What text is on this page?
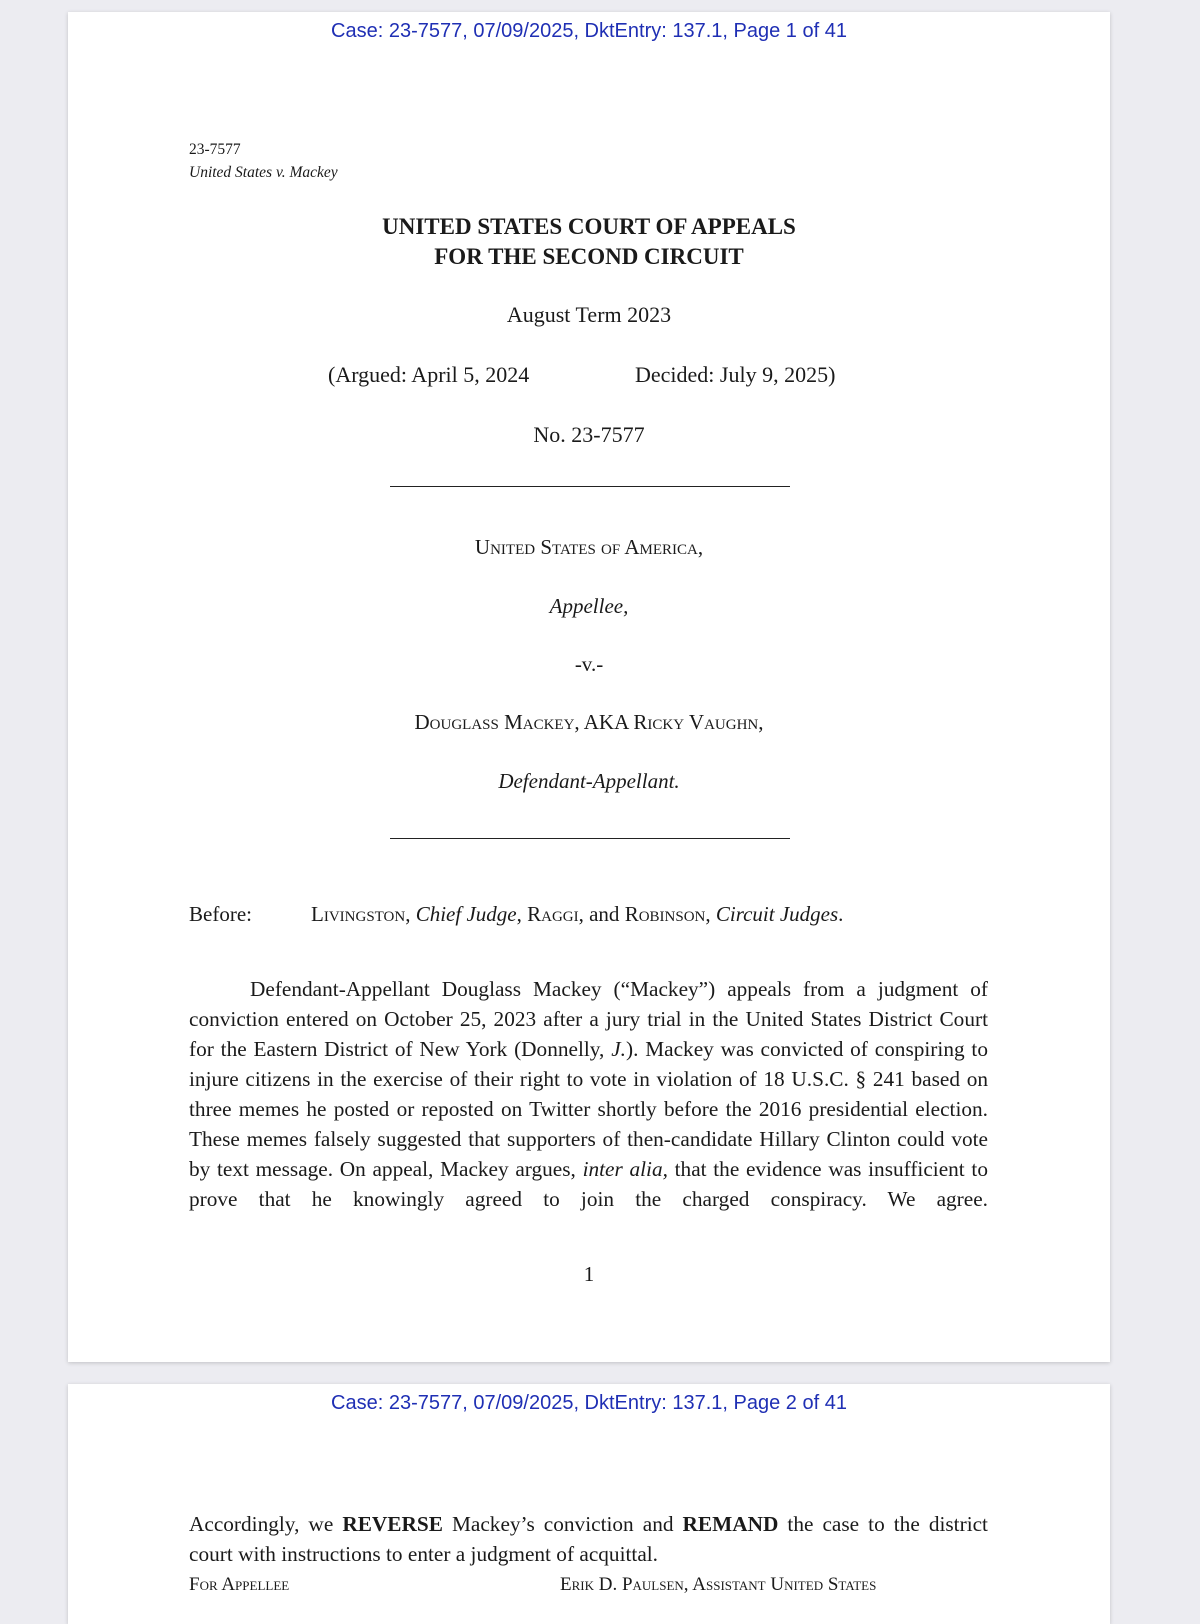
Case: 23-7577, 07/09/2025, DktEntry: 137.1, Page 1 of 41
23-7577
United States v. Mackey
UNITED STATES COURT OF APPEALS
FOR THE SECOND CIRCUIT
August Term 2023
(Argued: April 5, 2024	Decided: July 9, 2025)
No. 23-7577
United States of America,
Appellee,
-v.-
Douglass Mackey, AKA Ricky Vaughn,
Defendant-Appellant.
Before:	Livingston, Chief Judge, Raggi, and Robinson, Circuit Judges.
Defendant-Appellant Douglass Mackey (“Mackey”) appeals from a judgment of conviction entered on October 25, 2023 after a jury trial in the United States District Court for the Eastern District of New York (Donnelly, J.). Mackey was convicted of conspiring to injure citizens in the exercise of their right to vote in violation of 18 U.S.C. § 241 based on three memes he posted or reposted on Twitter shortly before the 2016 presidential election. These memes falsely suggested that supporters of then-candidate Hillary Clinton could vote by text message. On appeal, Mackey argues, inter alia, that the evidence was insufficient to prove that he knowingly agreed to join the charged conspiracy. We agree.
1
Case: 23-7577, 07/09/2025, DktEntry: 137.1, Page 2 of 41
Accordingly, we REVERSE Mackey’s conviction and REMAND the case to the district court with instructions to enter a judgment of acquittal.
For Appellee	Erik D. Paulsen, Assistant United States
